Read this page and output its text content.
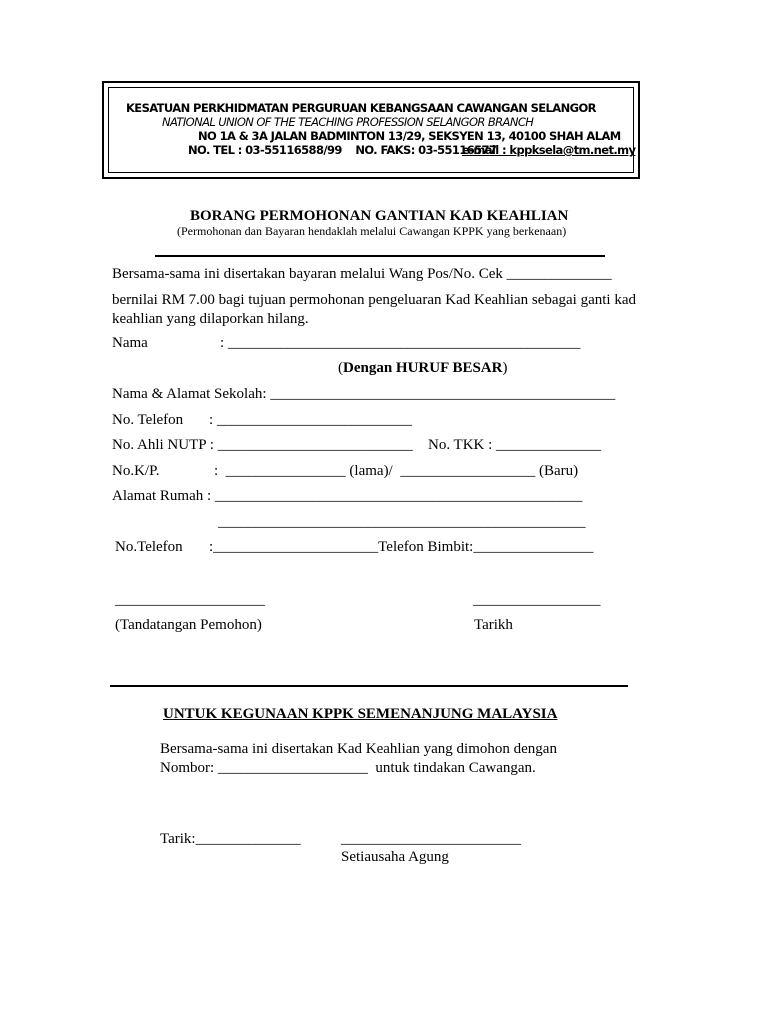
KESATUAN PERKHIDMATAN PERGURUAN KEBANGSAAN CAWANGAN SELANGOR
NATIONAL UNION OF THE TEACHING PROFESSION SELANGOR BRANCH
NO 1A & 3A JALAN BADMINTON 13/29, SEKSYEN 13, 40100 SHAH ALAM
NO. TEL : 03-55116588/99    NO. FAKS: 03-55116577
e-mail : kppksela@tm.net.my
BORANG PERMOHONAN GANTIAN KAD KEAHLIAN
(Permohonan dan Bayaran hendaklah melalui Cawangan KPPK yang berkenaan)
Bersama-sama ini disertakan bayaran melalui Wang Pos/No. Cek ______________
bernilai RM 7.00 bagi tujuan permohonan pengeluaran Kad Keahlian sebagai ganti kad
keahlian yang dilaporkan hilang.
Nama	: _______________________________________________
(Dengan HURUF BESAR)
Nama & Alamat Sekolah: ______________________________________________
No. Telefon : __________________________
No. Ahli NUTP : __________________________ No. TKK : ______________
No.K/P.	:  ________________ (lama)/  __________________ (Baru)
Alamat Rumah : _________________________________________________
_________________________________________________
No.Telefon :______________________Telefon Bimbit:________________
____________________
(Tandatangan Pemohon)
_________________
Tarikh
UNTUK KEGUNAAN KPPK SEMENANJUNG MALAYSIA
Bersama-sama ini disertakan Kad Keahlian yang dimohon dengan
Nombor: ____________________  untuk tindakan Cawangan.
Tarik:______________	________________________
Setiausaha Agung
